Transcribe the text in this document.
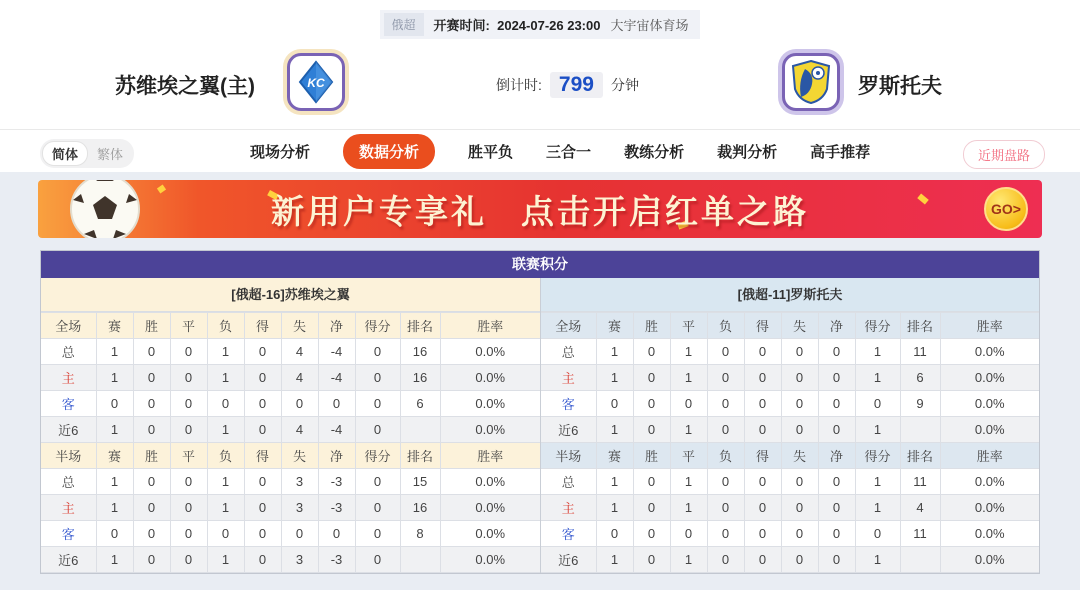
俄超	开赛时间: 2024-07-26 23:00 大宇宙体育场
苏维埃之翼(主)	KC	倒计时: 799	分钟	罗斯托夫
简体	繁体	现场分析	数据分析	胜平负 三合一 教练分析 裁判分析 高手推荐	近期盘路
新用户专享礼 点击开启红单之路	GO>
联赛积分
[俄超-16]苏维埃之翼
全场	赛	胜	平	负	得	失	净	得分	排名	胜率
总	1	0	0	1	0	4	-4	0	16	0.0%
主	1	0	0	1	0	4	-4	0	16	0.0%
客	0	0	0	0	0	0	0	0	6	0.0%
近6	1	0	0	1	0	4	-4	0		0.0%
半场	赛	胜	平	负	得	失	净	得分	排名	胜率
总	1	0	0	1	0	3	-3	0	15	0.0%
主	1	0	0	1	0	3	-3	0	16	0.0%
客	0	0	0	0	0	0	0	0	8	0.0%
近6	1	0	0	1	0	3	-3	0		0.0%
[俄超-11]罗斯托夫
全场	赛	胜	平	负	得	失	净	得分	排名	胜率
总	1	0	1	0	0	0	0	1	11	0.0%
主	1	0	1	0	0	0	0	1	6	0.0%
客	0	0	0	0	0	0	0	0	9	0.0%
近6	1	0	1	0	0	0	0	1		0.0%
半场	赛	胜	平	负	得	失	净	得分	排名	胜率
总	1	0	1	0	0	0	0	1	11	0.0%
主	1	0	1	0	0	0	0	1	4	0.0%
客	0	0	0	0	0	0	0	0	11	0.0%
近6	1	0	1	0	0	0	0	1		0.0%
